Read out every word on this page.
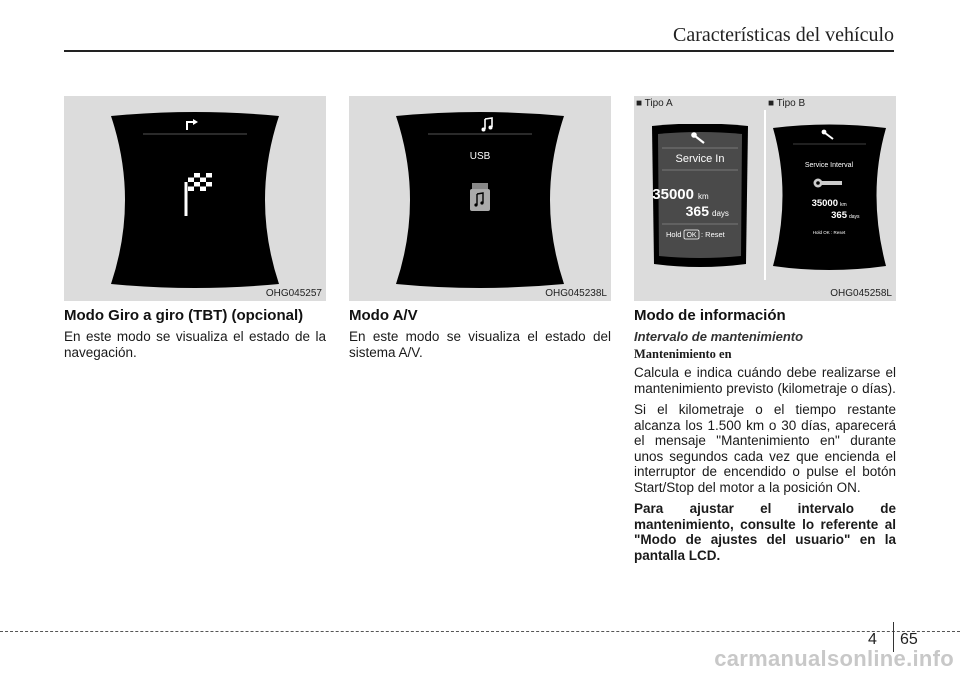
Características del vehículo
OHG045257
USB
OHG045238L
Service In
35000 km
365 days
Hold OK : Reset
Service Interval
35000 km
365 days
Hold OK : Reset
OHG045258L
■ Tipo A	■ Tipo B
Modo Giro a giro (TBT) (opcional)

En este modo se visualiza el estado de la navegación.

Modo A/V

En este modo se visualiza el estado del sistema A/V.

Modo de información
Intervalo de mantenimiento
Mantenimiento en

Calcula e indica cuándo debe realizarse el mantenimiento previsto (kilometraje o días).

Si el kilometraje o el tiempo restante alcanza los 1.500 km o 30 días, aparecerá el mensaje "Mantenimiento en" durante unos segundos cada vez que encienda el interruptor de encendido o pulse el botón Start/Stop del motor a la posición ON.

Para ajustar el intervalo de mantenimiento, consulte lo referente al "Modo de ajustes del usuario" en la pantalla LCD.

4 65
carmanualsonline.info
